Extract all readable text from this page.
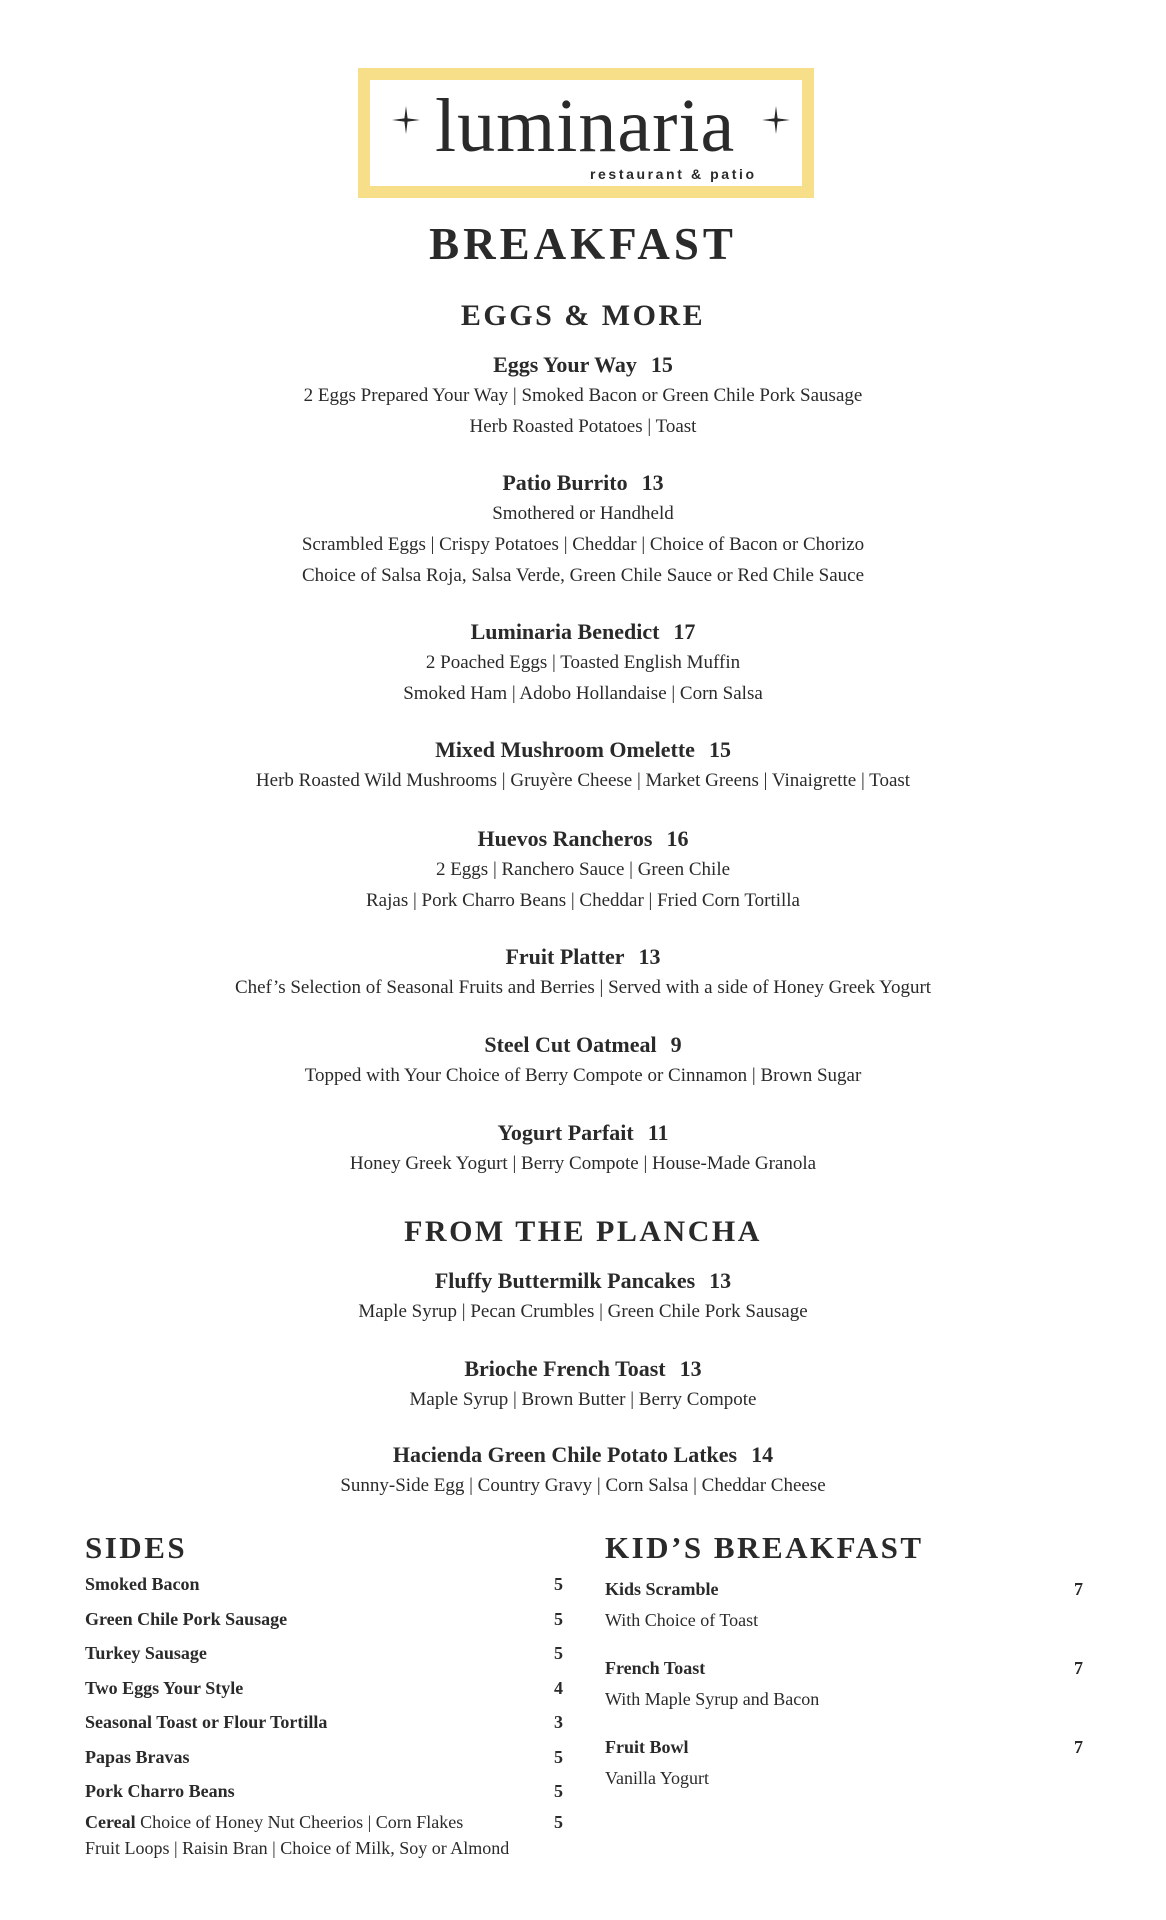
luminaria
restaurant & patio
BREAKFAST
EGGS & MORE
Eggs Your Way 15
2 Eggs Prepared Your Way | Smoked Bacon or Green Chile Pork Sausage
Herb Roasted Potatoes | Toast
Patio Burrito 13
Smothered or Handheld
Scrambled Eggs | Crispy Potatoes | Cheddar | Choice of Bacon or Chorizo
Choice of Salsa Roja, Salsa Verde, Green Chile Sauce or Red Chile Sauce
Luminaria Benedict 17
2 Poached Eggs | Toasted English Muffin
Smoked Ham | Adobo Hollandaise | Corn Salsa
Mixed Mushroom Omelette 15
Herb Roasted Wild Mushrooms | Gruyère Cheese | Market Greens | Vinaigrette | Toast
Huevos Rancheros 16
2 Eggs | Ranchero Sauce | Green Chile
Rajas | Pork Charro Beans | Cheddar | Fried Corn Tortilla
Fruit Platter 13
Chef’s Selection of Seasonal Fruits and Berries | Served with a side of Honey Greek Yogurt
Steel Cut Oatmeal 9
Topped with Your Choice of Berry Compote or Cinnamon | Brown Sugar
Yogurt Parfait 11
Honey Greek Yogurt | Berry Compote | House-Made Granola
FROM THE PLANCHA
Fluffy Buttermilk Pancakes 13
Maple Syrup | Pecan Crumbles | Green Chile Pork Sausage
Brioche French Toast 13
Maple Syrup | Brown Butter | Berry Compote
Hacienda Green Chile Potato Latkes 14
Sunny-Side Egg | Country Gravy | Corn Salsa | Cheddar Cheese
SIDES
Smoked Bacon	5
Green Chile Pork Sausage	5
Turkey Sausage	5
Two Eggs Your Style	4
Seasonal Toast or Flour Tortilla	3
Papas Bravas	5
Pork Charro Beans	5
Cereal Choice of Honey Nut Cheerios | Corn Flakes
Fruit Loops | Raisin Bran | Choice of Milk, Soy or Almond
5
KID’S BREAKFAST
Kids Scramble	7
With Choice of Toast
French Toast	7
With Maple Syrup and Bacon
Fruit Bowl	7
Vanilla Yogurt
